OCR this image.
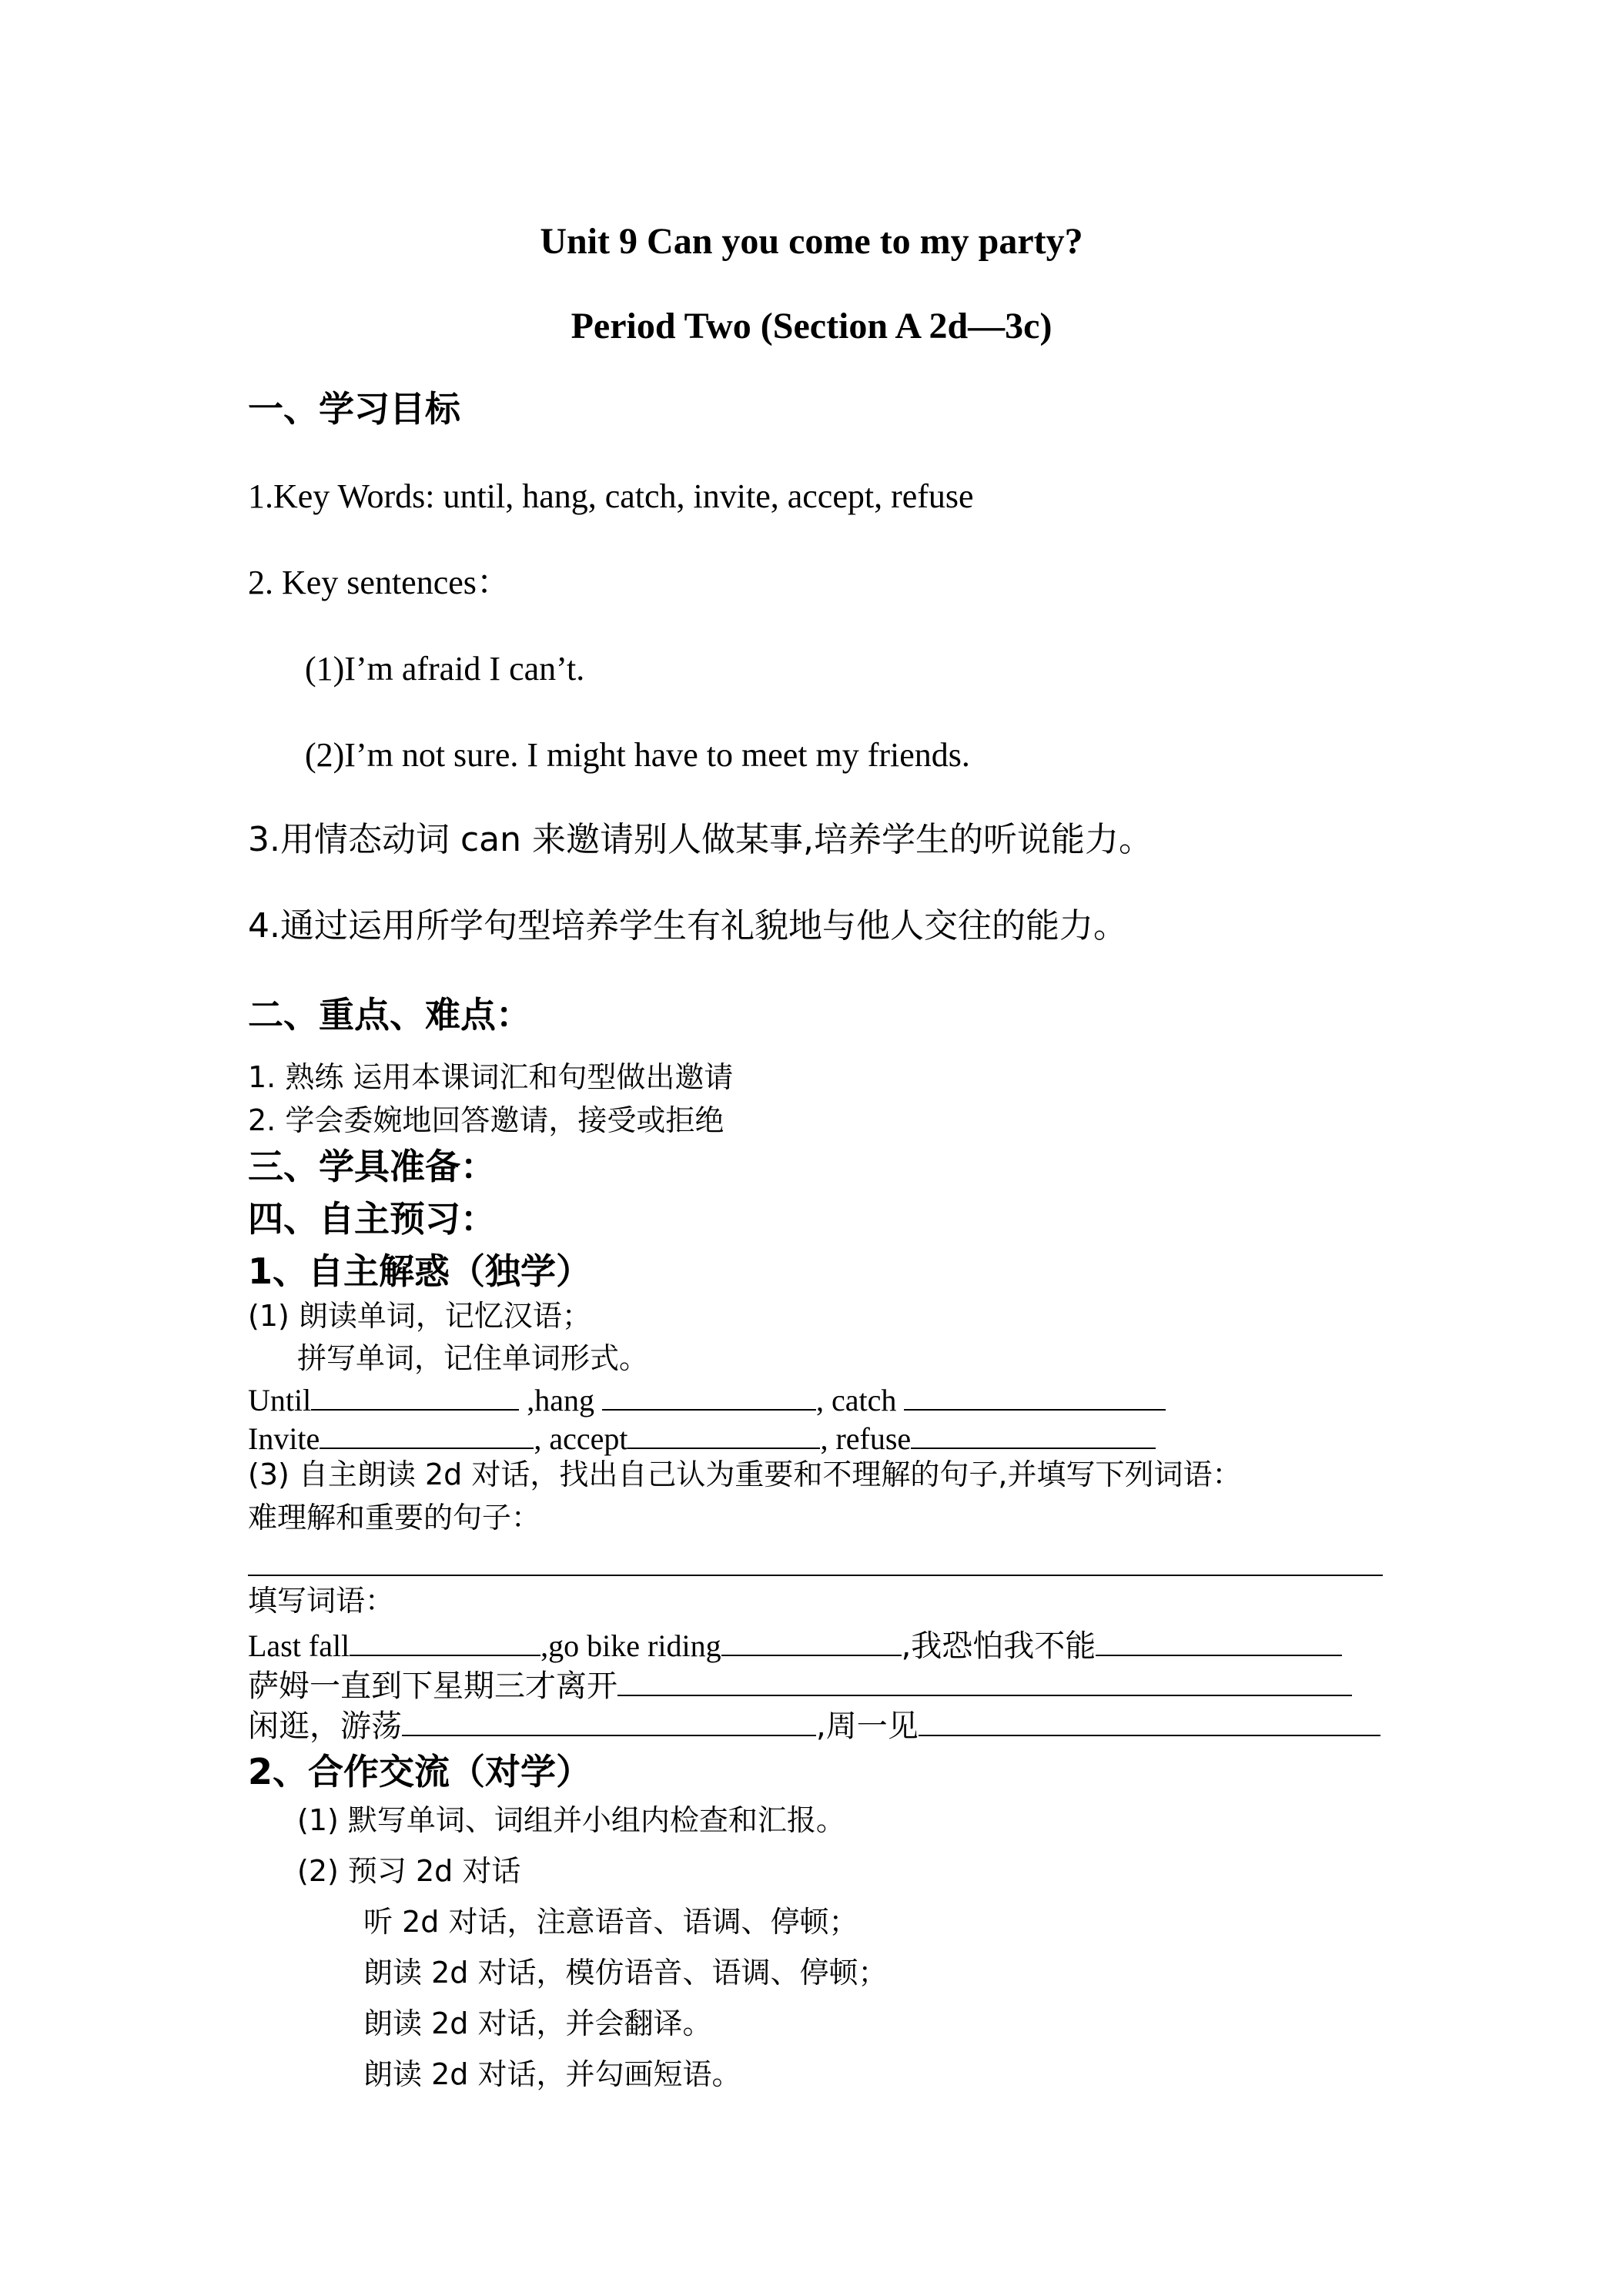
Unit 9 Can you come to my party?
Period Two (Section A 2d—3c)
一、学习目标
1.Key Words: until, hang, catch, invite, accept, refuse
2. Key sentences：
(1)I’m afraid I can’t.
(2)I’m not sure. I might have to meet my friends.
3.用情态动词 can 来邀请别人做某事,培养学生的听说能力。
4.通过运用所学句型培养学生有礼貌地与他人交往的能力。
二、重点、难点：
1. 熟练 运用本课词汇和句型做出邀请
2. 学会委婉地回答邀请，接受或拒绝
三、学具准备：
四、自主预习：
1、自主解惑（独学）
(1) 朗读单词，记忆汉语；
拼写单词，记住单词形式。
Until	,hang	, catch
Invite	, accept	, refuse
(3) 自主朗读 2d 对话，找出自己认为重要和不理解的句子,并填写下列词语：
难理解和重要的句子：
填写词语：
Last fall	,go bike riding	,我恐怕我不能
萨姆一直到下星期三才离开
闲逛，游荡	,周一见
2、合作交流（对学）
(1) 默写单词、词组并小组内检查和汇报。
(2) 预习 2d 对话
听 2d 对话，注意语音、语调、停顿；
朗读 2d 对话，模仿语音、语调、停顿；
朗读 2d 对话，并会翻译。
朗读 2d 对话，并勾画短语。
